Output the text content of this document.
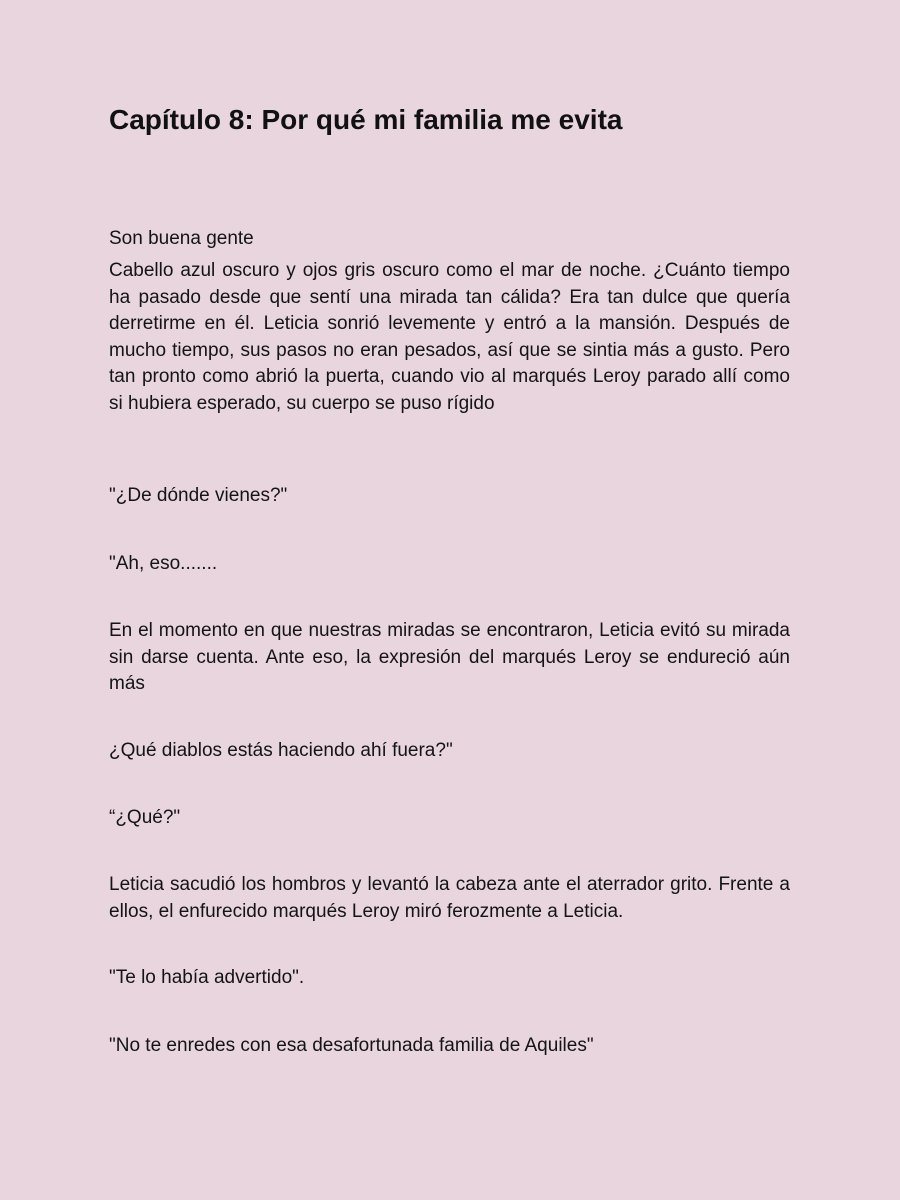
Capítulo 8: Por qué mi familia me evita

Son buena gente

Cabello azul oscuro y ojos gris oscuro como el mar de noche. ¿Cuánto tiempo ha pasado desde que sentí una mirada tan cálida? Era tan dulce que quería derretirme en él. Leticia sonrió levemente y entró a la mansión. Después de mucho tiempo, sus pasos no eran pesados, así que se sintia más a gusto. Pero tan pronto como abrió la puerta, cuando vio al marqués Leroy parado allí como si hubiera esperado, su cuerpo se puso rígido

"¿De dónde vienes?"

"Ah, eso.......

En el momento en que nuestras miradas se encontraron, Leticia evitó su mirada sin darse cuenta. Ante eso, la expresión del marqués Leroy se endureció aún más

¿Qué diablos estás haciendo ahí fuera?"

“¿Qué?"

Leticia sacudió los hombros y levantó la cabeza ante el aterrador grito. Frente a ellos, el enfurecido marqués Leroy miró ferozmente a Leticia.

"Te lo había advertido".

"No te enredes con esa desafortunada familia de Aquiles"
